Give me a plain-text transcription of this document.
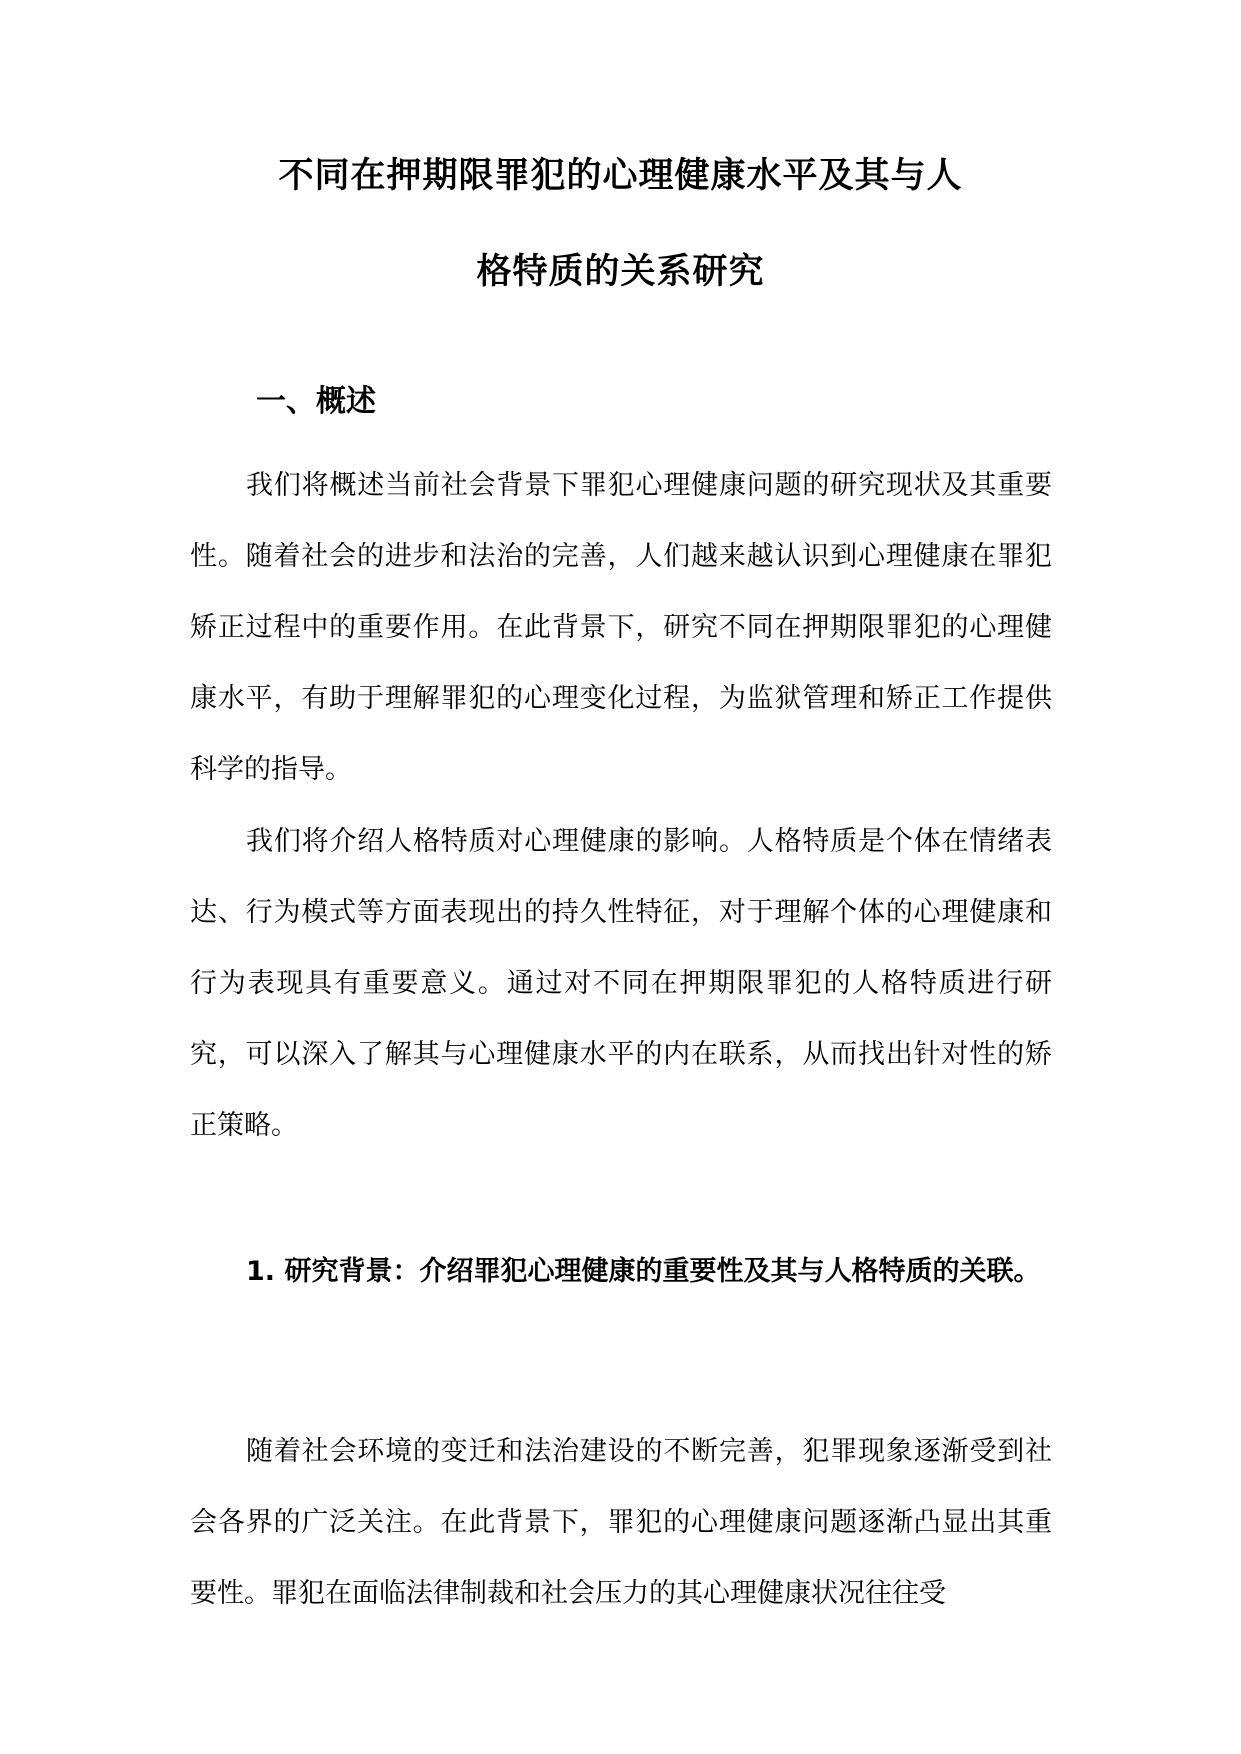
不同在押期限罪犯的心理健康水平及其与人
格特质的关系研究
一、概述

我们将概述当前社会背景下罪犯心理健康问题的研究现状及其重要性。随着社会的进步和法治的完善，人们越来越认识到心理健康在罪犯矫正过程中的重要作用。在此背景下，研究不同在押期限罪犯的心理健康水平，有助于理解罪犯的心理变化过程，为监狱管理和矫正工作提供科学的指导。

我们将介绍人格特质对心理健康的影响。人格特质是个体在情绪表达、行为模式等方面表现出的持久性特征，对于理解个体的心理健康和行为表现具有重要意义。通过对不同在押期限罪犯的人格特质进行研究，可以深入了解其与心理健康水平的内在联系，从而找出针对性的矫正策略。

1. 研究背景：介绍罪犯心理健康的重要性及其与人格特质的关联。

随着社会环境的变迁和法治建设的不断完善，犯罪现象逐渐受到社会各界的广泛关注。在此背景下，罪犯的心理健康问题逐渐凸显出其重要性。罪犯在面临法律制裁和社会压力的其心理健康状况往往受
